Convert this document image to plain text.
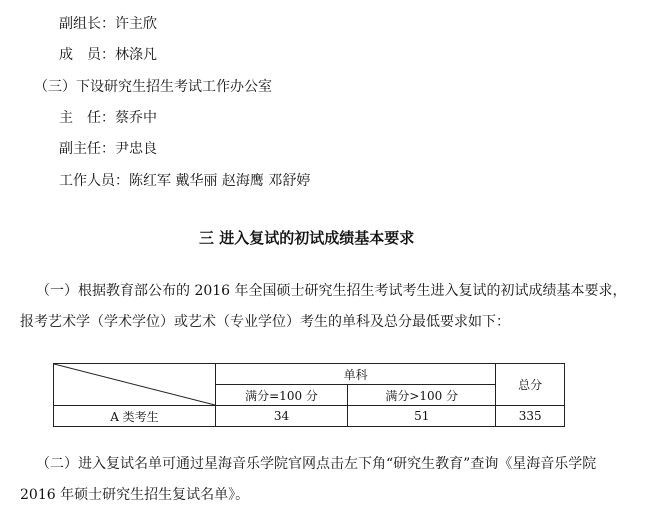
副组长：许主欣
成　员：林涤凡
（三）下设研究生招生考试工作办公室
主　任：蔡乔中
副主任：尹忠良
工作人员：陈红军 戴华丽 赵海鹰 邓舒婷
三 进入复试的初试成绩基本要求
（一）根据教育部公布的 2016 年全国硕士研究生招生考试考生进入复试的初试成绩基本要求，报考艺术学（学术学位）或艺术（专业学位）考生的单科及总分最低要求如下：
	单科		总分
	满分=100 分	满分>100 分	
A 类考生	34	51	335
（二）进入复试名单可通过星海音乐学院官网点击左下角“研究生教育”查询《星海音乐学院 2016 年硕士研究生招生复试名单》。
